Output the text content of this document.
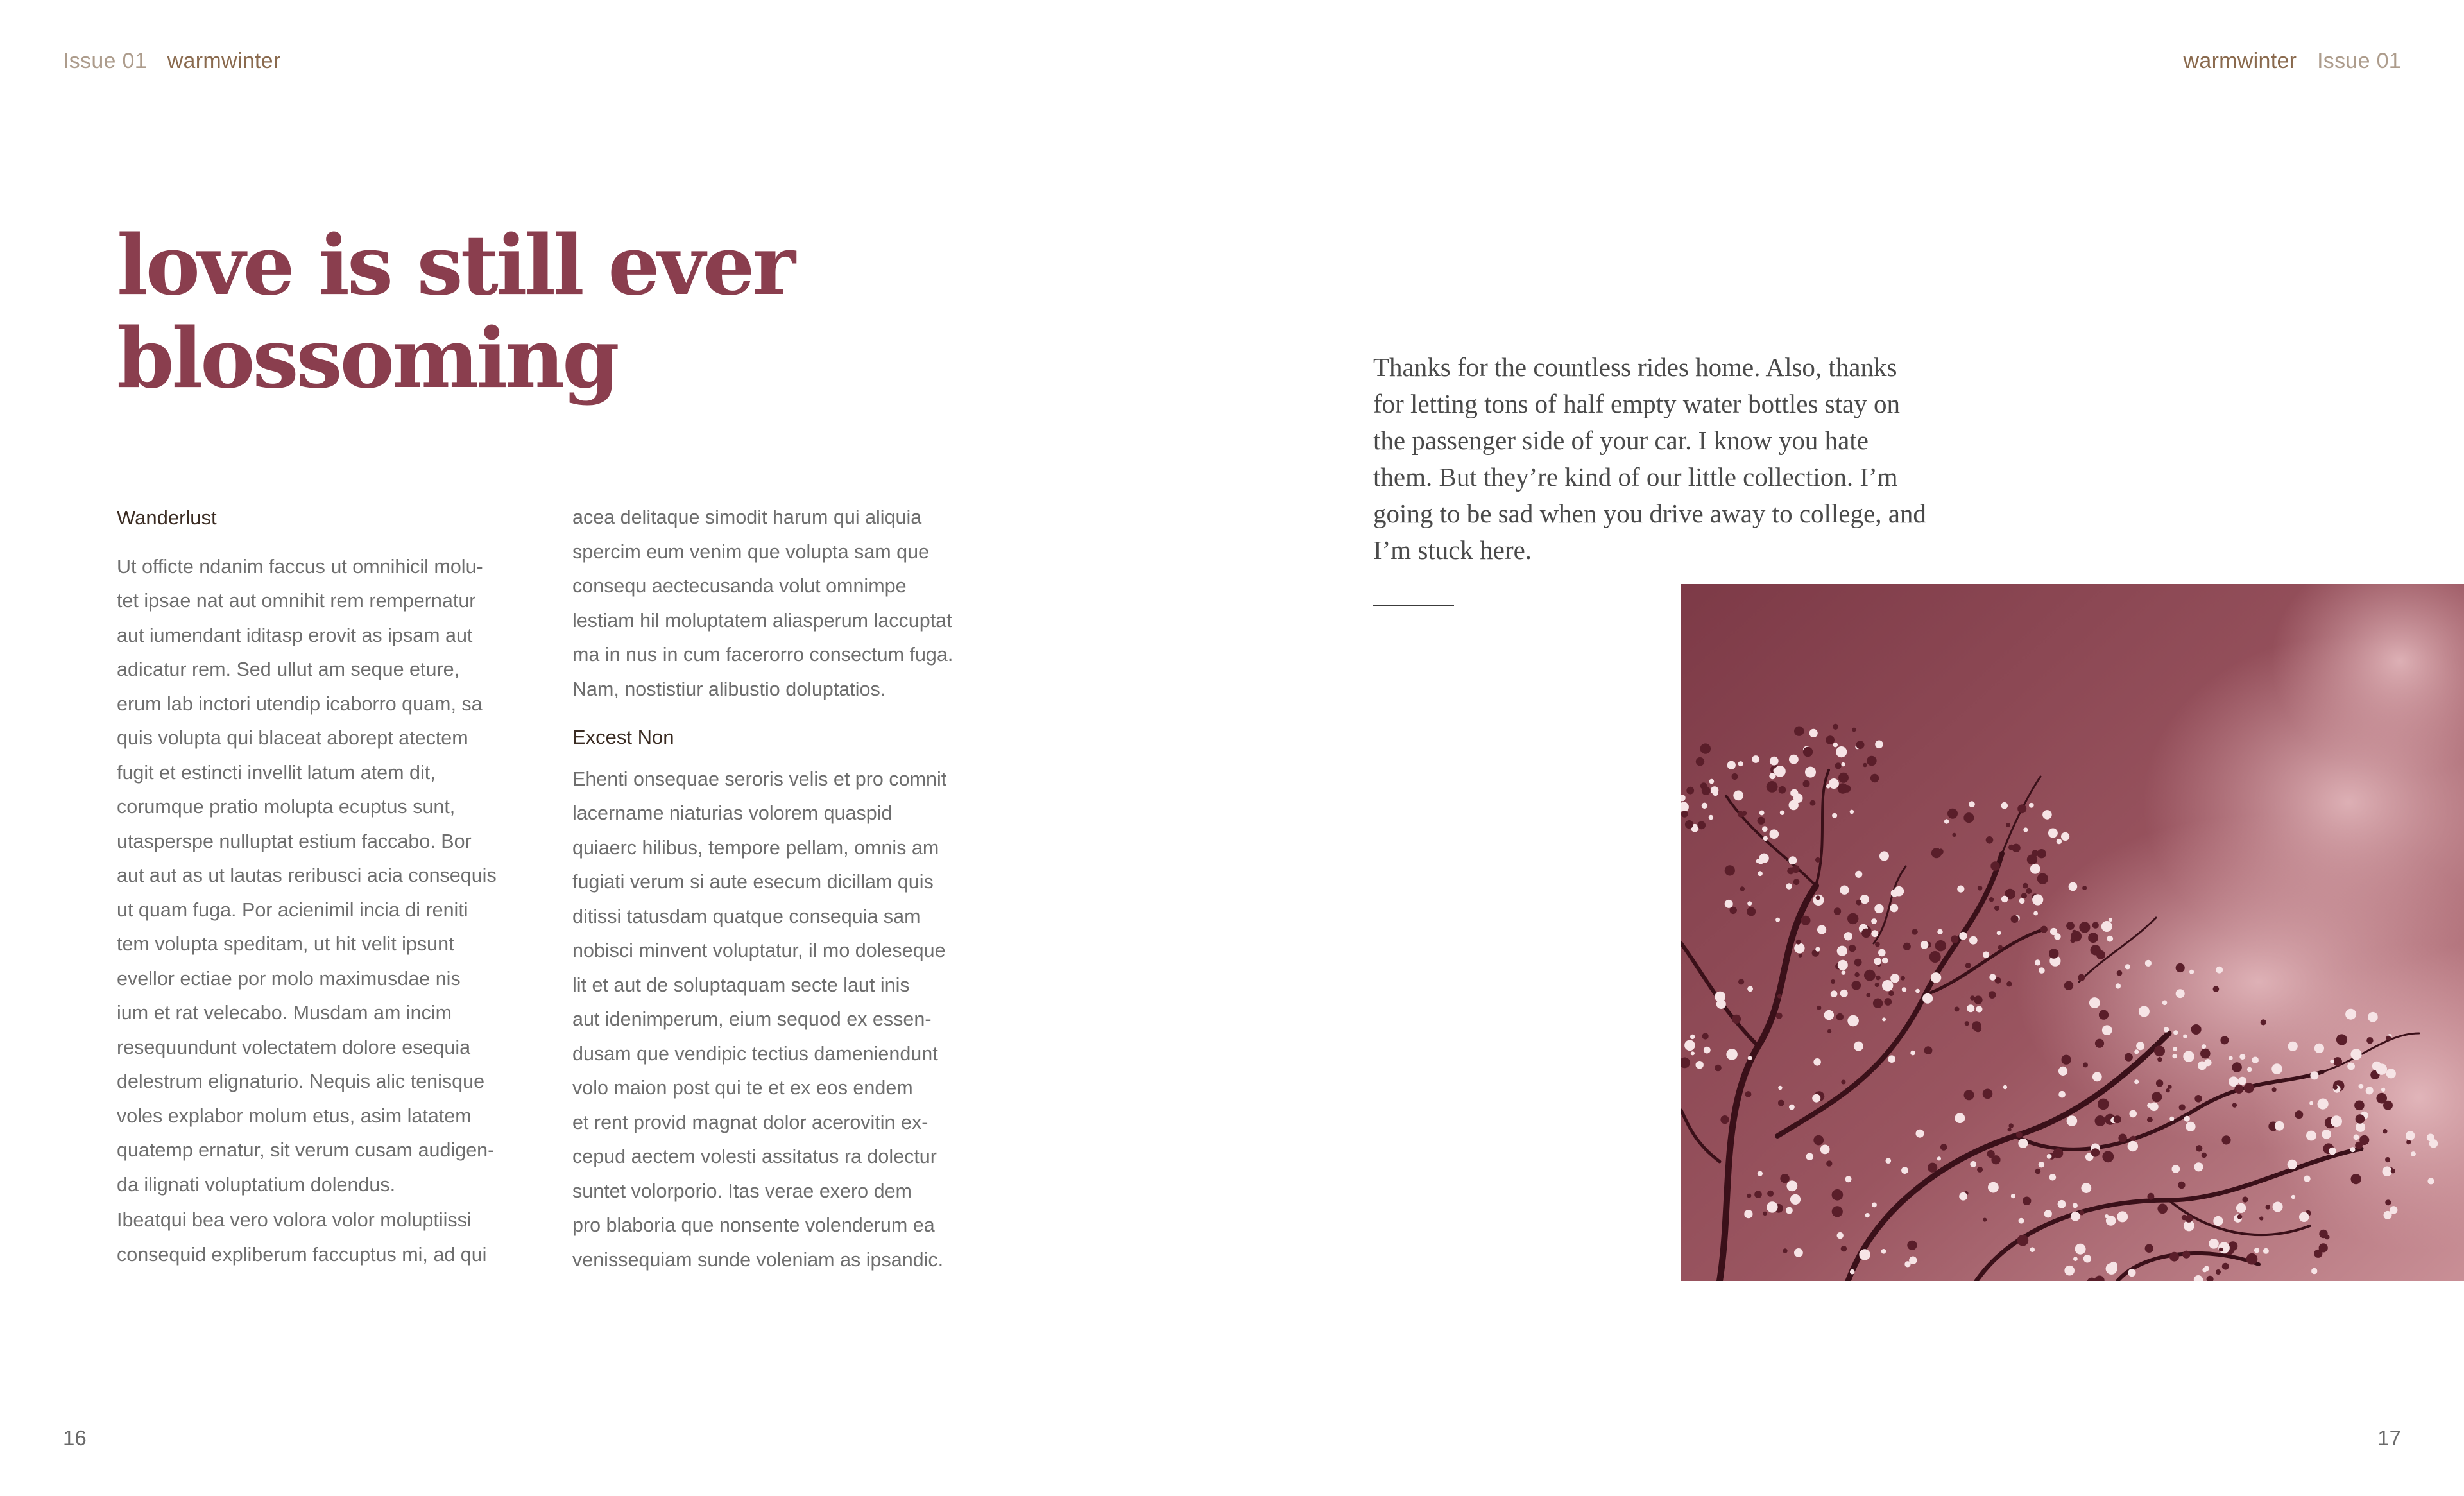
Issue 01 warmwinter	warmwinter Issue 01
love is still ever
blossoming
Wanderlust

Ut officte ndanim faccus ut omnihicil molu-
tet ipsae nat aut omnihit rem rempernatur
aut iumendant iditasp erovit as ipsam aut
adicatur rem. Sed ullut am seque eture,
erum lab inctori utendip icaborro quam, sa
quis volupta qui blaceat aborept atectem
fugit et estincti invellit latum atem dit,
corumque pratio molupta ecuptus sunt,
utasperspe nulluptat estium faccabo. Bor
aut aut as ut lautas reribusci acia consequis
ut quam fuga. Por acienimil incia di reniti
tem volupta speditam, ut hit velit ipsunt
evellor ectiae por molo maximusdae nis
ium et rat velecabo. Musdam am incim
resequundunt volectatem dolore esequia
delestrum elignaturio. Nequis alic tenisque
voles explabor molum etus, asim latatem
quatemp ernatur, sit verum cusam audigen-
da ilignati voluptatium dolendus.

Ibeatqui bea vero volora volor moluptiissi
consequid expliberum faccuptus mi, ad qui

acea delitaque simodit harum qui aliquia
spercim eum venim que volupta sam que
consequ aectecusanda volut omnimpe
lestiam hil moluptatem aliasperum laccuptat
ma in nus in cum facerorro consectum fuga.
Nam, nostistiur alibustio doluptatios.

Excest Non

Ehenti onsequae seroris velis et pro comnit
lacername niaturias volorem quaspid
quiaerc hilibus, tempore pellam, omnis am
fugiati verum si aute esecum dicillam quis
ditissi tatusdam quatque consequia sam
nobisci minvent voluptatur, il mo doleseque
lit et aut de soluptaquam secte laut inis
aut idenimperum, eium sequod ex essen-
dusam que vendipic tectius dameniendunt
volo maion post qui te et ex eos endem
et rent provid magnat dolor acerovitin ex-
cepud aectem volesti assitatus ra dolectur
suntet volorporio. Itas verae exero dem
pro blaboria que nonsente volenderum ea
venissequiam sunde voleniam as ipsandic.

Thanks for the countless rides home. Also, thanks
for letting tons of half empty water bottles stay on
the passenger side of your car. I know you hate
them. But they’re kind of our little collection. I’m
going to be sad when you drive away to college, and
I’m stuck here.

16	17
